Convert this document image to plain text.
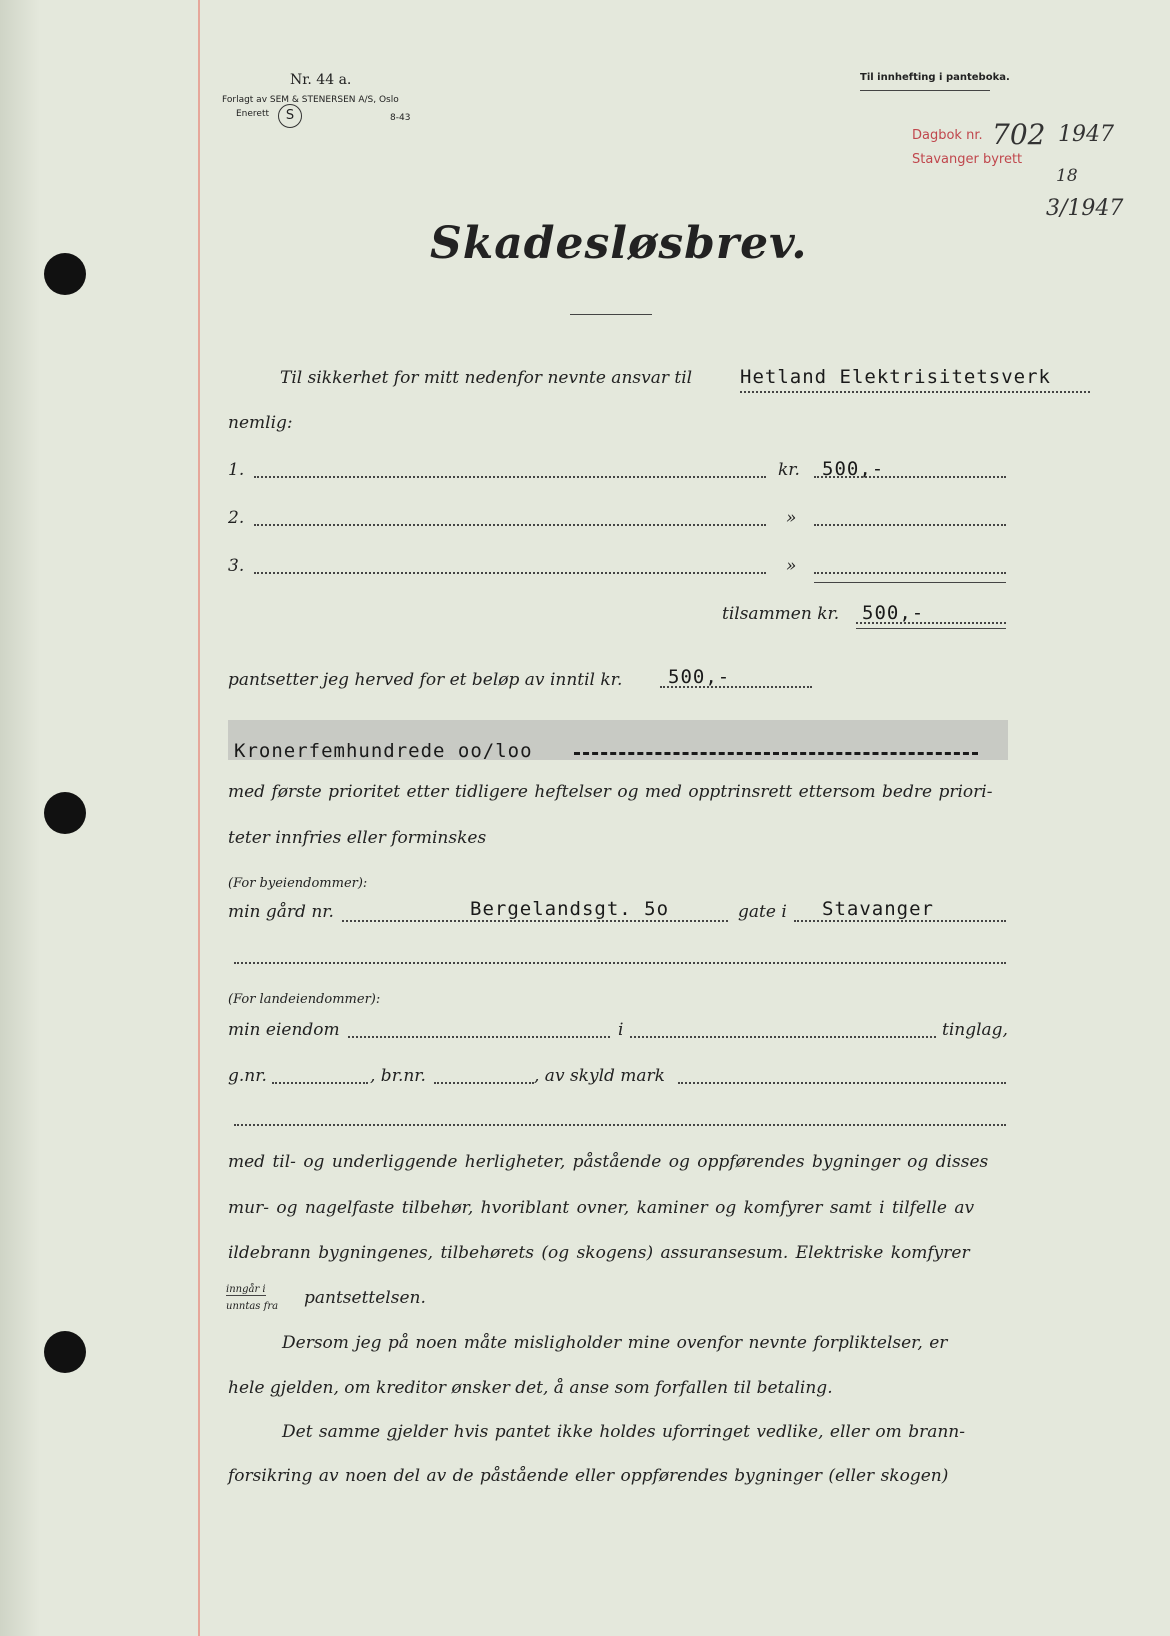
Nr. 44 a.
Forlagt av SEM & STENERSEN A/S, Oslo
Enerett	S	8-43
Til innhefting i panteboka.
Dagbok nr. 702 1947
Stavanger byrett
18
3/1947
Skadesløsbrev.
Til sikkerhet for mitt nedenfor nevnte ansvar til	Hetland Elektrisitetsverk
nemlig:
1.	kr. 500,-
2.	»
3.	»
tilsammen kr. 500,-
pantsetter jeg herved for et beløp av inntil kr. 500,-
Kronerfemhundrede oo/loo
med første prioritet etter tidligere heftelser og med opptrinsrett ettersom bedre priori-
teter innfries eller forminskes
(For byeiendommer):
min gård nr.	Bergelandsgt. 5o	gate i Stavanger
(For landeiendommer):
min eiendom	i	tinglag,
g.nr.	, br.nr.	, av skyld mark
med til- og underliggende herligheter, påstående og oppførendes bygninger og disses
mur- og nagelfaste tilbehør, hvoriblant ovner, kaminer og komfyrer samt i tilfelle av
ildebrann bygningenes, tilbehørets (og skogens) assuransesum. Elektriske komfyrer
inngår i
unntas fra pantsettelsen.
Dersom jeg på noen måte misligholder mine ovenfor nevnte forpliktelser, er
hele gjelden, om kreditor ønsker det, å anse som forfallen til betaling.
Det samme gjelder hvis pantet ikke holdes uforringet vedlike, eller om brann-
forsikring av noen del av de påstående eller oppførendes bygninger (eller skogen)
